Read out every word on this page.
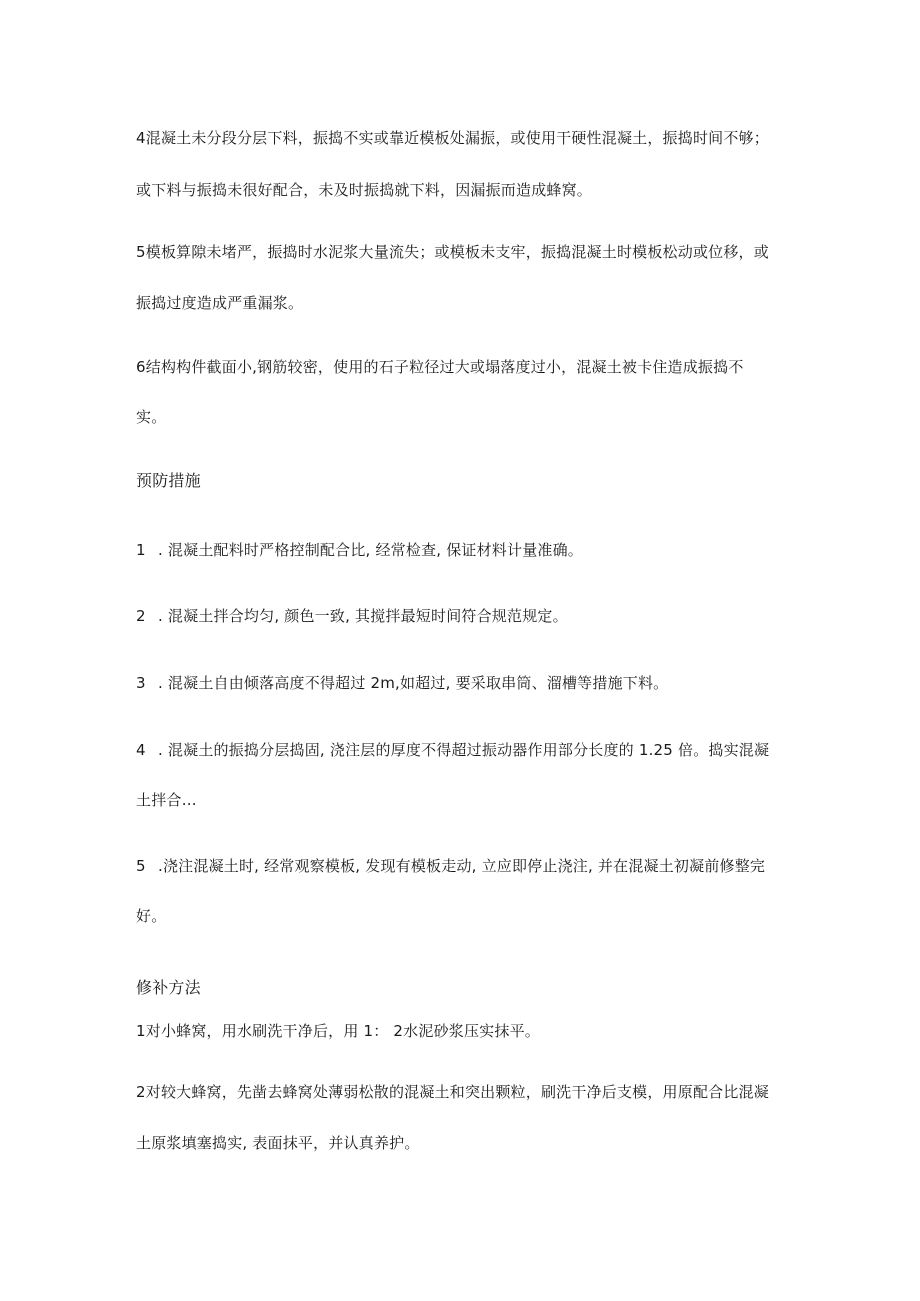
4混凝土未分段分层下料，振捣不实或靠近模板处漏振，或使用干硬性混凝土，振捣时间不够；
或下料与振捣未很好配合，未及时振捣就下料，因漏振而造成蜂窝。
5模板算隙未堵严，振捣时水泥浆大量流失；或模板未支牢，振捣混凝土时模板松动或位移，或
振捣过度造成严重漏浆。
6结构构件截面小,钢筋较密，使用的石子粒径过大或塌落度过小，混凝土被卡住造成振捣不
实。
预防措施
1 . 混凝土配料时严格控制配合比, 经常检查, 保证材料计量准确。
2 . 混凝土拌合均匀, 颜色一致, 其搅拌最短时间符合规范规定。
3 . 混凝土自由倾落高度不得超过 2m,如超过, 要采取串筒、溜槽等措施下料。
4 . 混凝土的振捣分层捣固, 浇注层的厚度不得超过振动器作用部分长度的 1.25 倍。捣实混凝
土拌合…
5 .浇注混凝土时, 经常观察模板, 发现有模板走动, 立应即停止浇注, 并在混凝土初凝前修整完
好。
修补方法
1对小蜂窝，用水刷洗干净后，用 1： 2水泥砂浆压实抹平。
2对较大蜂窝，先凿去蜂窝处薄弱松散的混凝土和突出颗粒，刷洗干净后支模，用原配合比混凝
土原浆填塞捣实, 表面抹平，并认真养护。
